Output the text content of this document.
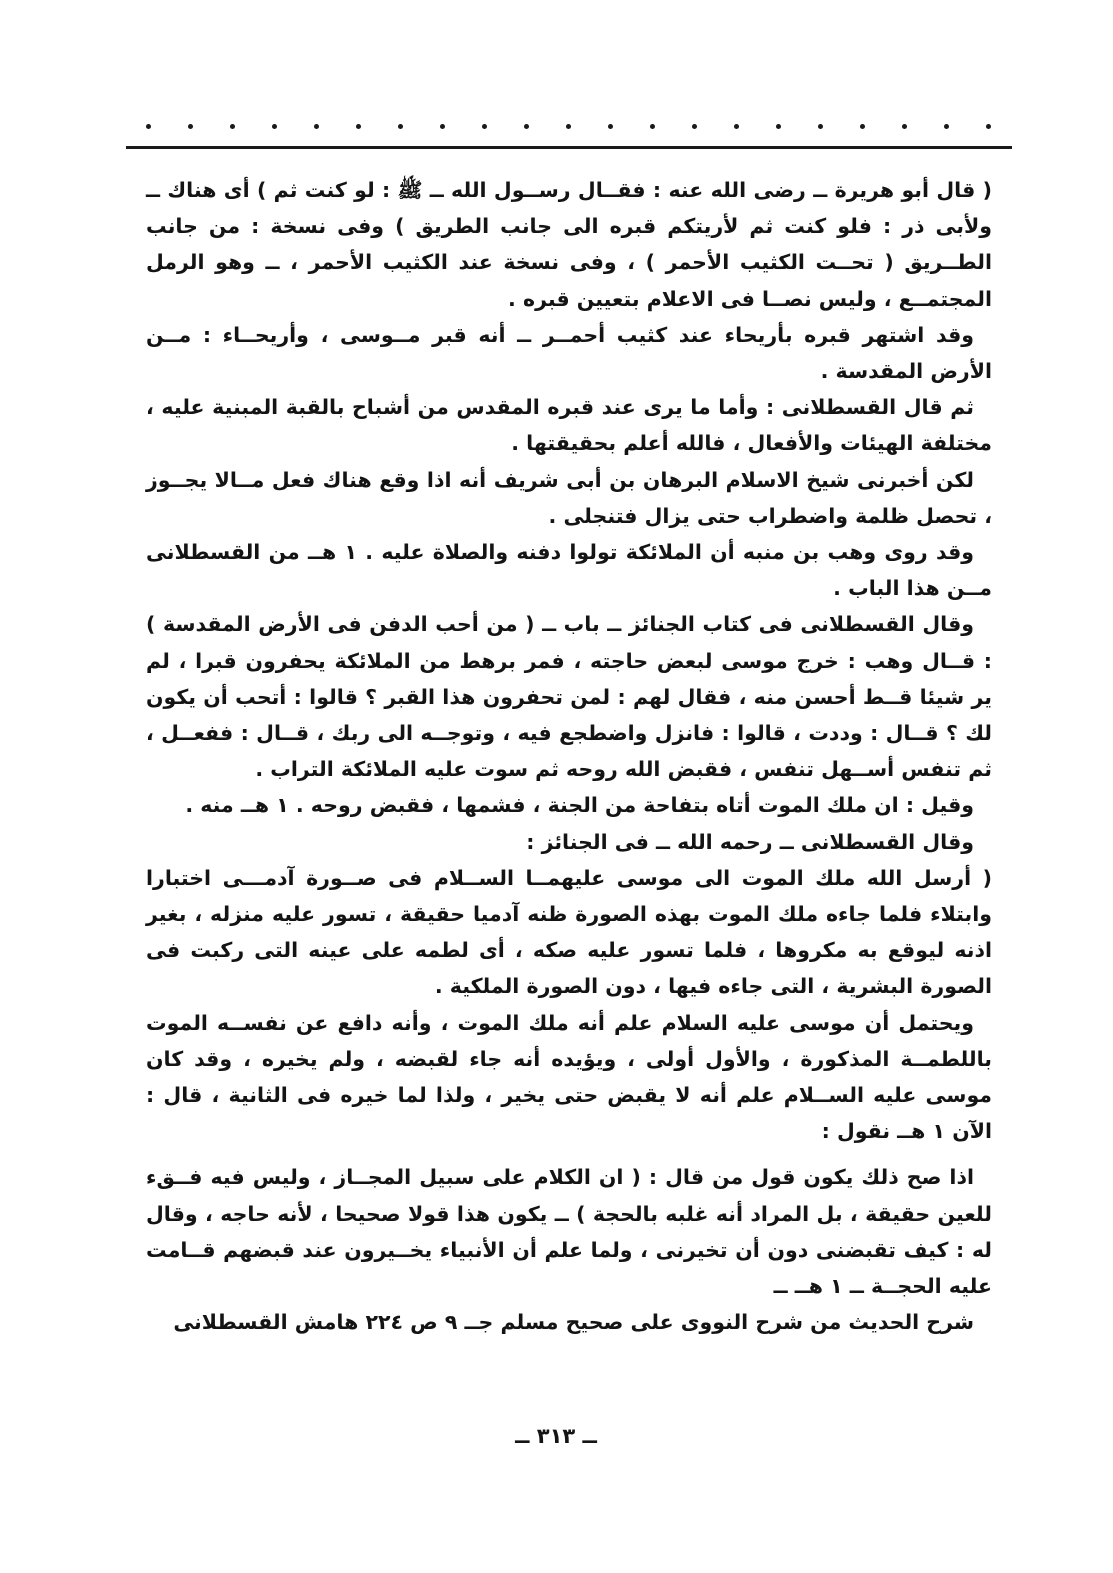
( قال أبو هريرة ــ رضى الله عنه : فقــال رســول الله ــ ﷺ : لو كنت ثم ) أى هناك ــ ولأبى ذر : فلو كنت ثم لأريتكم قبره الى جانب الطريق ) وفى نسخة : من جانب الطــريق ( تحــت الكثيب الأحمر ) ، وفى نسخة عند الكثيب الأحمر ، ــ وهو الرمل المجتمــع ، وليس نصــا فى الاعلام بتعيين قبره .

وقد اشتهر قبره بأريحاء عند كثيب أحمــر ــ أنه قبر مــوسى ، وأريحــاء : مــن الأرض المقدسة .

ثم قال القسطلانى : وأما ما يرى عند قبره المقدس من أشباح بالقبة المبنية عليه ، مختلفة الهيئات والأفعال ، فالله أعلم بحقيقتها .

لكن أخبرنى شيخ الاسلام البرهان بن أبى شريف أنه اذا وقع هناك فعل مــالا يجــوز ، تحصل ظلمة واضطراب حتى يزال فتنجلى .

وقد روى وهب بن منبه أن الملائكة تولوا دفنه والصلاة عليه . ١ هــ من القسطلانى مــن هذا الباب .

وقال القسطلانى فى كتاب الجنائز ــ باب ــ ( من أحب الدفن فى الأرض المقدسة ) : قــال وهب : خرج موسى لبعض حاجته ، فمر برهط من الملائكة يحفرون قبرا ، لم ير شيئا قــط أحسن منه ، فقال لهم : لمن تحفرون هذا القبر ؟ قالوا : أتحب أن يكون لك ؟ قــال : وددت ، قالوا : فانزل واضطجع فيه ، وتوجــه الى ربك ، قــال : ففعــل ، ثم تنفس أســهل تنفس ، فقبض الله روحه ثم سوت عليه الملائكة التراب .

وقيل : ان ملك الموت أتاه بتفاحة من الجنة ، فشمها ، فقبض روحه . ١ هــ منه .

وقال القسطلانى ــ رحمه الله ــ فى الجنائز :

( أرسل الله ملك الموت الى موسى عليهمــا الســلام فى صــورة آدمـــى اختبارا وابتلاء فلما جاءه ملك الموت بهذه الصورة ظنه آدميا حقيقة ، تسور عليه منزله ، بغير اذنه ليوقع به مكروها ، فلما تسور عليه صكه ، أى لطمه على عينه التى ركبت فى الصورة البشرية ، التى جاءه فيها ، دون الصورة الملكية .

ويحتمل أن موسى عليه السلام علم أنه ملك الموت ، وأنه دافع عن نفســه الموت باللطمــة المذكورة ، والأول أولى ، ويؤيده أنه جاء لقبضه ، ولم يخيره ، وقد كان موسى عليه الســلام علم أنه لا يقبض حتى يخير ، ولذا لما خيره فى الثانية ، قال : الآن ١ هــ نقول :

اذا صح ذلك يكون قول من قال : ( ان الكلام على سبيل المجــاز ، وليس فيه فــقء للعين حقيقة ، بل المراد أنه غلبه بالحجة ) ــ يكون هذا قولا صحيحا ، لأنه حاجه ، وقال له : كيف تقبضنى دون أن تخيرنى ، ولما علم أن الأنبياء يخــيرون عند قبضهم قــامت عليه الحجــة ــ ١ هــ ــ

شرح الحديث من شرح النووى على صحيح مسلم جــ ٩ ص ٢٢٤ هامش القسطلانى

ــ ٣١٣ ــ
